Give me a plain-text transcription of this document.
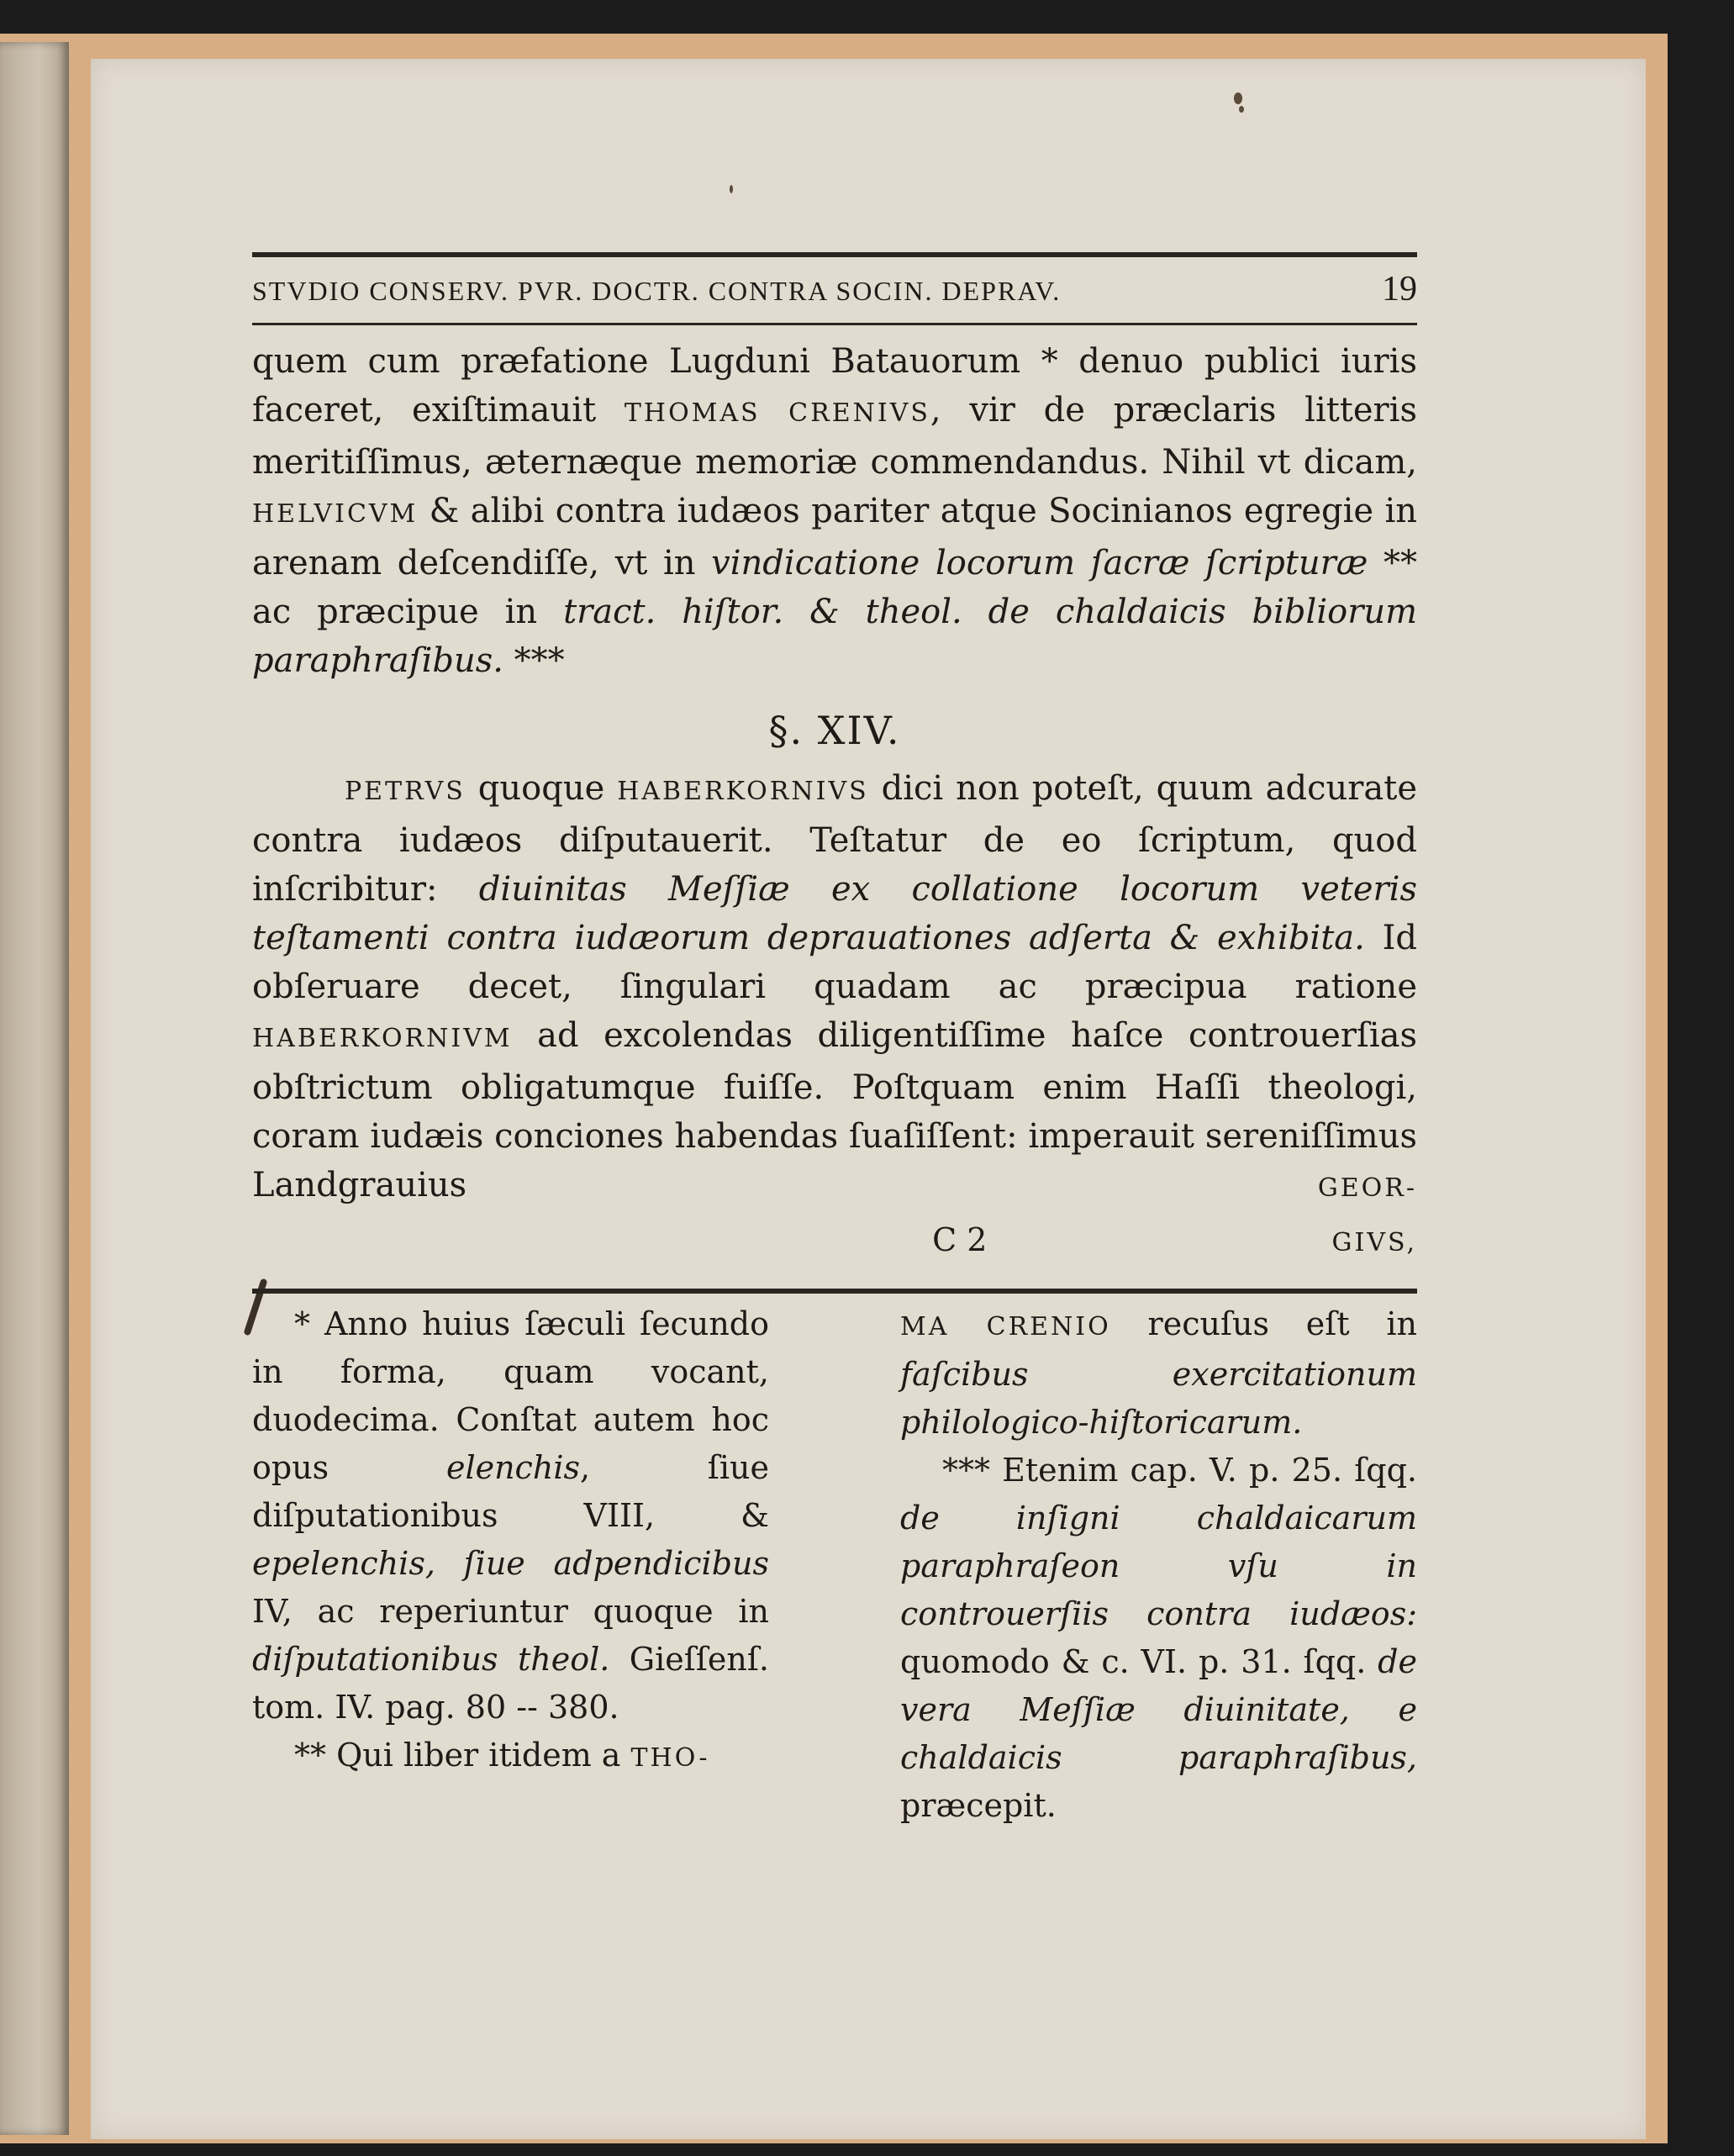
STVDIO CONSERV. PVR. DOCTR. CONTRA SOCIN. DEPRAV.	19

quem cum præfatione Lugduni Batauorum * denuo publici iuris faceret, exiſtimauit THOMAS CRENIVS, vir de præclaris litteris meritiſſimus, æternæque memoriæ commendandus. Nihil vt dicam, HELVICVM & alibi contra iudæos pariter atque Socinianos egregie in arenam deſcendiſſe, vt in vindicatione locorum ſacræ ſcripturæ ** ac præcipue in tract. hiſtor. & theol. de chaldaicis bibliorum paraphraſibus. ***

§. XIV.

PETRVS quoque HABERKORNIVS dici non poteſt, quum adcurate contra iudæos diſputauerit. Teſtatur de eo ſcriptum, quod inſcribitur: diuinitas Meſſiæ ex collatione locorum veteris teſtamenti contra iudæorum deprauationes adſerta & exhibita. Id obſeruare decet, ſingulari quadam ac præcipua ratione HABERKORNIVM ad excolendas diligentiſſime haſce controuerſias obſtrictum obligatumque fuiſſe. Poſtquam enim Haſſi theologi, coram iudæis conciones habendas ſuaſiſſent: imperauit sereniſſimus Landgrauius GEOR-

C 2	GIVS,

* Anno huius ſæculi ſecundo in forma, quam vocant, duodecima. Conſtat autem hoc opus elenchis, ſiue diſputationibus VIII, & epelenchis, ſiue adpendicibus IV, ac reperiuntur quoque in diſputationibus theol. Gieſſenſ. tom. IV. pag. 80 -- 380.

** Qui liber itidem a THO-

MA CRENIO recuſus eſt in faſcibus exercitationum philologico-hiſtoricarum.

*** Etenim cap. V. p. 25. ſqq. de inſigni chaldaicarum paraphraſeon vſu in controuerſiis contra iudæos: quomodo & c. VI. p. 31. ſqq. de vera Meſſiæ diuinitate, e chaldaicis paraphraſibus, præcepit.
